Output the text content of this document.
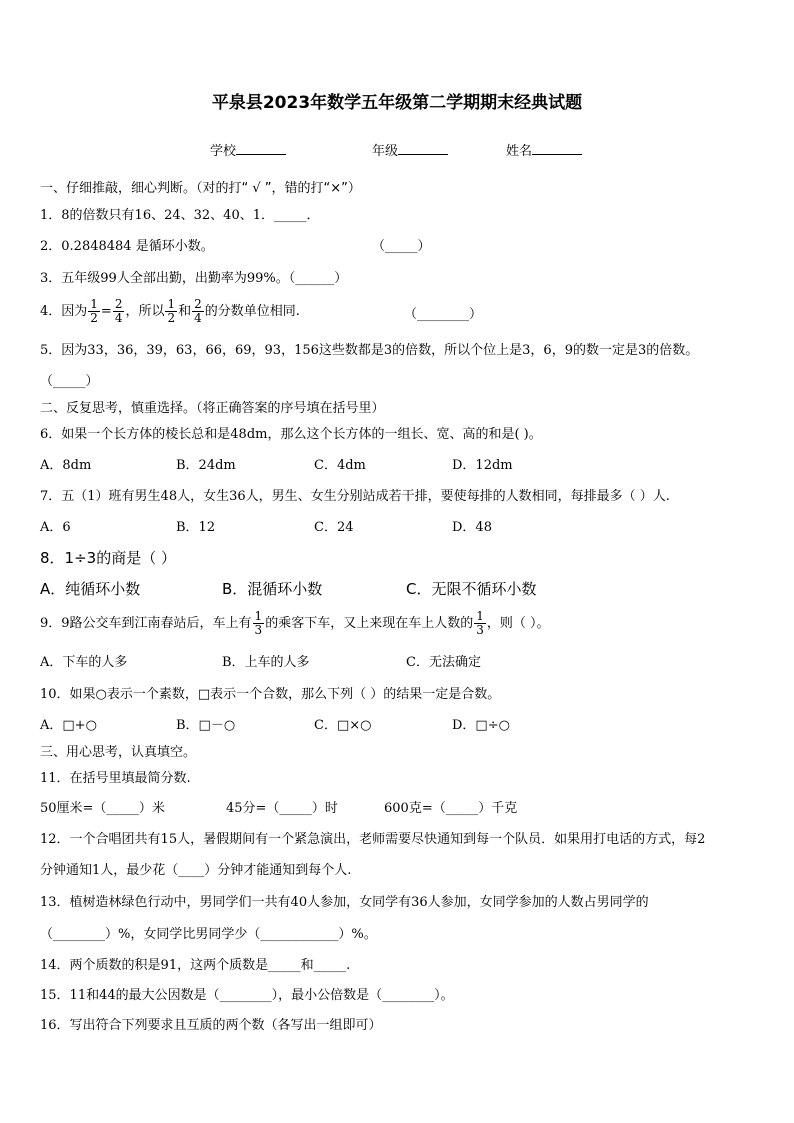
平泉县2023年数学五年级第二学期期末经典试题
学校	年级	姓名
一、仔细推敲，细心判断。（对的打“ √ ”，错的打“×”）
1．8的倍数只有16、24、32、40、1．_____．
2．0.2848484 是循环小数。	（_____）
3．五年级99人全部出勤，出勤率为99%。（______）
4．因为 $\frac{1}{2} = \frac{2}{4}$ ，所以 $\frac{1}{2}$ 和 $\frac{2}{4}$ 的分数单位相同.	（________）
5．因为33，36，39，63，66，69，93，156这些数都是3的倍数，所以个位上是3，6，9的数一定是3的倍数。
（_____）
二、反复思考，慎重选择。（将正确答案的序号填在括号里）
6．如果一个长方体的棱长总和是48dm，那么这个长方体的一组长、宽、高的和是( )。
A．8dm	B．24dm	C．4dm	D．12dm
7．五（1）班有男生48人，女生36人，男生、女生分别站成若干排，要使每排的人数相同，每排最多（ ）人.
A．6	B．12	C．24	D．48
8．1÷3的商是（ ）
A．纯循环小数	B．混循环小数	C．无限不循环小数
9．9路公交车到江南春站后，车上有 $\frac{1}{3}$ 的乘客下车，又上来现在车上人数的 $\frac{1}{3}$ ，则（ ）。
A．下车的人多	B．上车的人多	C．无法确定
10．如果○表示一个素数，□表示一个合数，那么下列（ ）的结果一定是合数。
A．□+○	B．□－○	C．□×○	D．□÷○
三、用心思考，认真填空。
11．在括号里填最简分数.
50厘米=（_____）米	45分=（_____）时	600克=（_____）千克
12．一个合唱团共有15人，暑假期间有一个紧急演出，老师需要尽快通知到每一个队员．如果用打电话的方式，每2
分钟通知1人，最少花（____）分钟才能通知到每个人.
13．植树造林绿色行动中，男同学们一共有40人参加，女同学有36人参加，女同学参加的人数占男同学的
（________）%，女同学比男同学少（____________）%。
14．两个质数的积是91，这两个质数是_____和_____.
15．11和44的最大公因数是（________），最小公倍数是（________）。
16．写出符合下列要求且互质的两个数（各写出一组即可）
